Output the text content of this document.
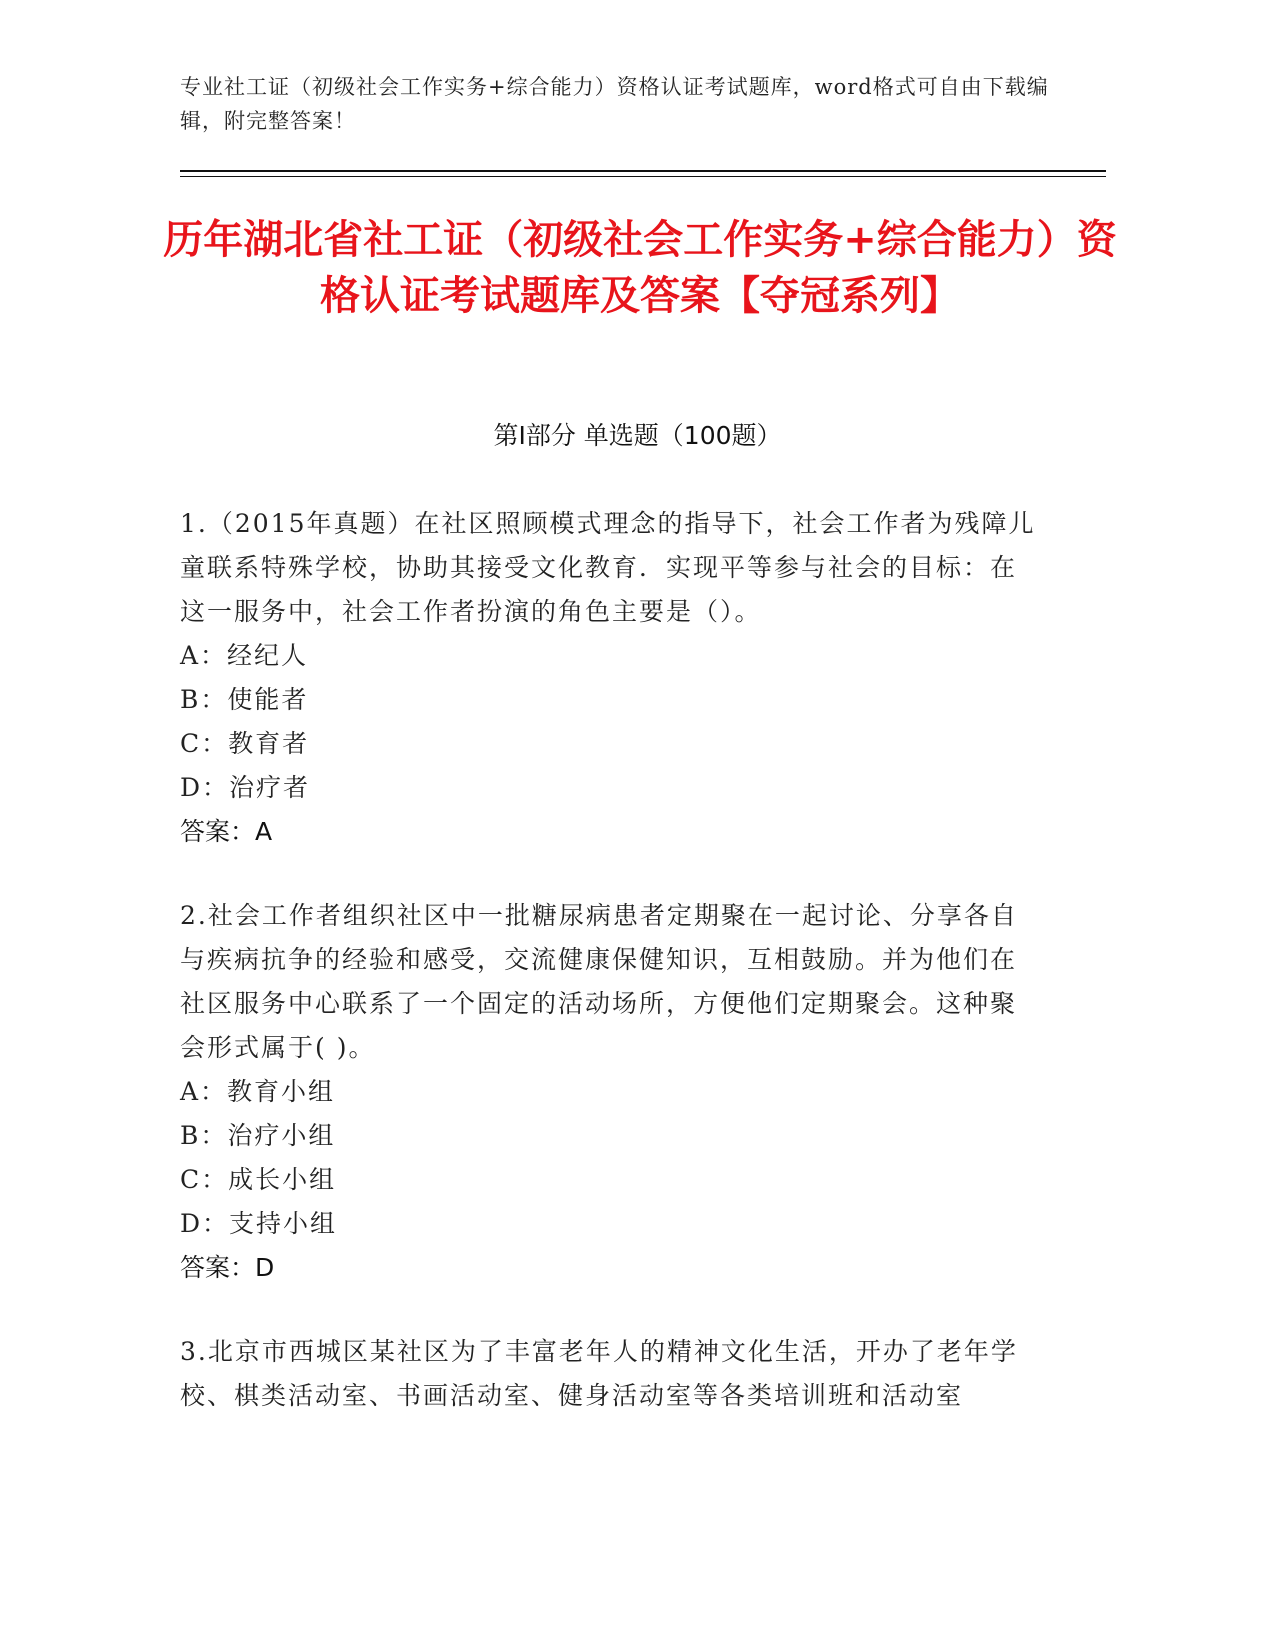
专业社工证（初级社会工作实务+综合能力）资格认证考试题库，word格式可自由下载编辑，附完整答案！
历年湖北省社工证（初级社会工作实务+综合能力）资格认证考试题库及答案【夺冠系列】
第I部分 单选题（100题）
1.（2015年真题）在社区照顾模式理念的指导下，社会工作者为残障儿童联系特殊学校，协助其接受文化教育．实现平等参与社会的目标：在这一服务中，社会工作者扮演的角色主要是（）。
A：经纪人
B：使能者
C：教育者
D：治疗者
答案：A
2.社会工作者组织社区中一批糖尿病患者定期聚在一起讨论、分享各自与疾病抗争的经验和感受，交流健康保健知识，互相鼓励。并为他们在社区服务中心联系了一个固定的活动场所，方便他们定期聚会。这种聚会形式属于( )。
A：教育小组
B：治疗小组
C：成长小组
D：支持小组
答案：D
3.北京市西城区某社区为了丰富老年人的精神文化生活，开办了老年学校、棋类活动室、书画活动室、健身活动室等各类培训班和活动室
